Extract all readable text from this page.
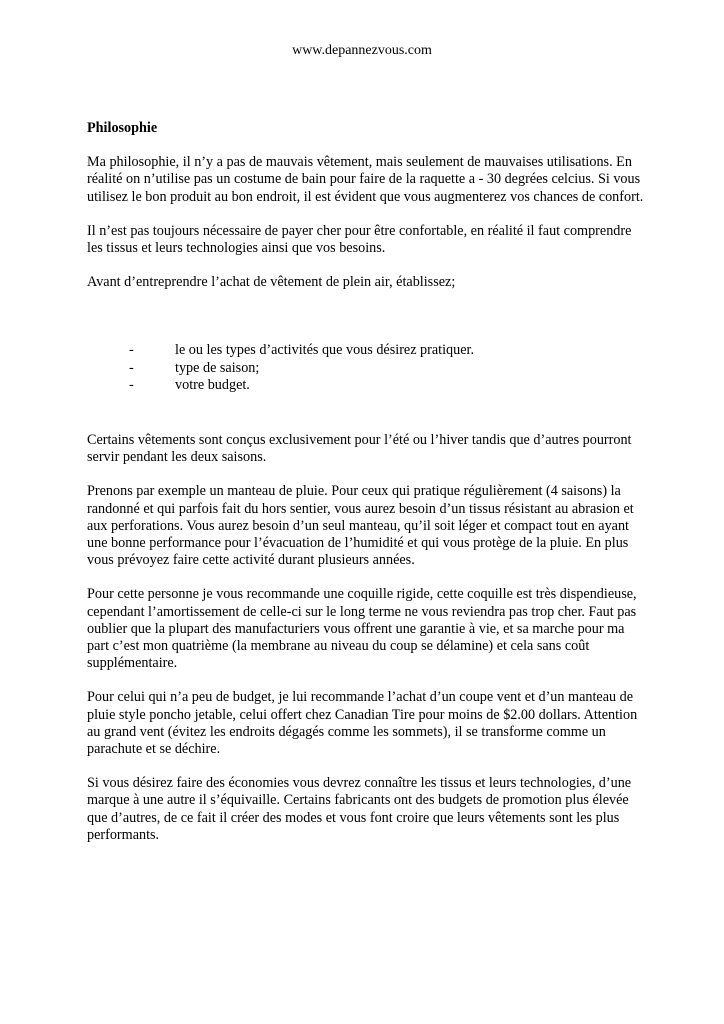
www.depannezvous.com
Philosophie

Ma philosophie, il n’y a pas de mauvais vêtement, mais seulement de mauvaises utilisations. En réalité on n’utilise pas un costume de bain pour faire de la raquette a - 30 degrées celcius. Si vous utilisez le bon produit au bon endroit, il est évident que vous augmenterez vos chances de confort.

Il n’est pas toujours nécessaire de payer cher pour être confortable, en réalité il faut comprendre les tissus et leurs technologies ainsi que vos besoins.

Avant d’entreprendre l’achat de vêtement de plein air, établissez;

-	le ou les types d’activités que vous désirez pratiquer.
-	type de saison;
-	votre budget.

Certains vêtements sont conçus exclusivement pour l’été ou l’hiver tandis que d’autres pourront servir pendant les deux saisons.

Prenons par exemple un manteau de pluie. Pour ceux qui pratique régulièrement (4 saisons) la randonné et qui parfois fait du hors sentier, vous aurez besoin d’un tissus résistant au abrasion et aux perforations. Vous aurez besoin d’un seul manteau, qu’il soit léger et compact tout en ayant une bonne performance pour l’évacuation de l’humidité et qui vous protège de la pluie. En plus vous prévoyez faire cette activité durant plusieurs années.

Pour cette personne je vous recommande une coquille rigide, cette coquille est très dispendieuse, cependant l’amortissement de celle-ci sur le long terme ne vous reviendra pas trop cher. Faut pas oublier que la plupart des manufacturiers vous offrent une garantie à vie, et sa marche pour ma part c’est mon quatrième (la membrane au niveau du coup se délamine) et cela sans coût supplémentaire.

Pour celui qui n’a peu de budget, je lui recommande l’achat d’un coupe vent et d’un manteau de pluie style poncho jetable, celui offert chez Canadian Tire pour moins de $2.00 dollars. Attention au grand vent (évitez les endroits dégagés comme les sommets), il se transforme comme un parachute et se déchire.

Si vous désirez faire des économies vous devrez connaître les tissus et leurs technologies, d’une marque à une autre il s’équivaille. Certains fabricants ont des budgets de promotion plus élevée que d’autres, de ce fait il créer des modes et vous font croire que leurs vêtements sont les plus performants.
